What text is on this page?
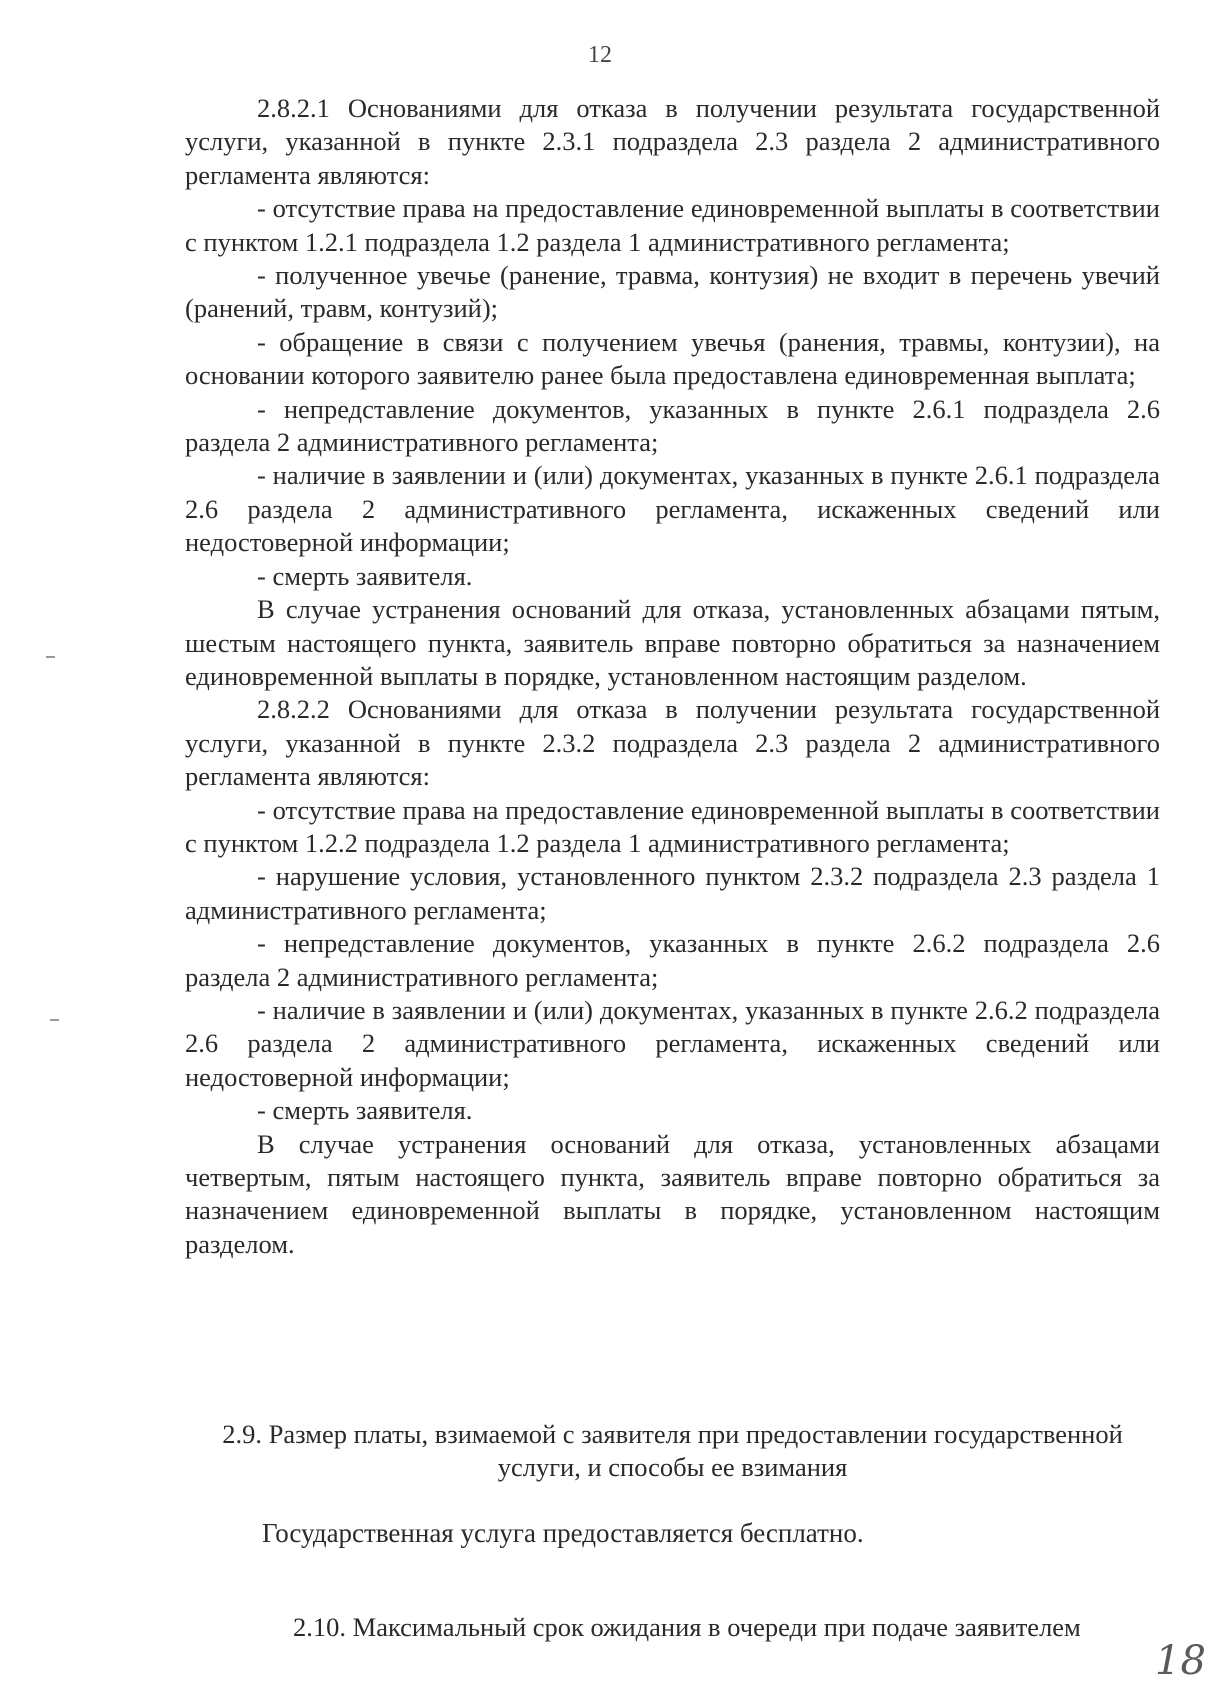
12

2.8.2.1 Основаниями для отказа в получении результата государственной услуги, указанной в пункте 2.3.1 подраздела 2.3 раздела 2 административного регламента являются:

- отсутствие права на предоставление единовременной выплаты в соответствии с пунктом 1.2.1 подраздела 1.2 раздела 1 административного регламента;

- полученное увечье (ранение, травма, контузия) не входит в перечень увечий (ранений, травм, контузий);

- обращение в связи с получением увечья (ранения, травмы, контузии), на основании которого заявителю ранее была предоставлена единовременная выплата;

- непредставление документов, указанных в пункте 2.6.1 подраздела 2.6 раздела 2 административного регламента;

- наличие в заявлении и (или) документах, указанных в пункте 2.6.1 подраздела 2.6 раздела 2 административного регламента, искаженных сведений или недостоверной информации;

- смерть заявителя.

В случае устранения оснований для отказа, установленных абзацами пятым, шестым настоящего пункта, заявитель вправе повторно обратиться за назначением единовременной выплаты в порядке, установленном настоящим разделом.

2.8.2.2 Основаниями для отказа в получении результата государственной услуги, указанной в пункте 2.3.2 подраздела 2.3 раздела 2 административного регламента являются:

- отсутствие права на предоставление единовременной выплаты в соответствии с пунктом 1.2.2 подраздела 1.2 раздела 1 административного регламента;

- нарушение условия, установленного пунктом 2.3.2 подраздела 2.3 раздела 1 административного регламента;

- непредставление документов, указанных в пункте 2.6.2 подраздела 2.6 раздела 2 административного регламента;

- наличие в заявлении и (или) документах, указанных в пункте 2.6.2 подраздела 2.6 раздела 2 административного регламента, искаженных сведений или недостоверной информации;

- смерть заявителя.

В случае устранения оснований для отказа, установленных абзацами четвертым, пятым настоящего пункта, заявитель вправе повторно обратиться за назначением единовременной выплаты в порядке, установленном настоящим разделом.

2.9. Размер платы, взимаемой с заявителя при предоставлении государственной
услуги, и способы ее взимания
Государственная услуга предоставляется бесплатно.
2.10. Максимальный срок ожидания в очереди при подаче заявителем
18
